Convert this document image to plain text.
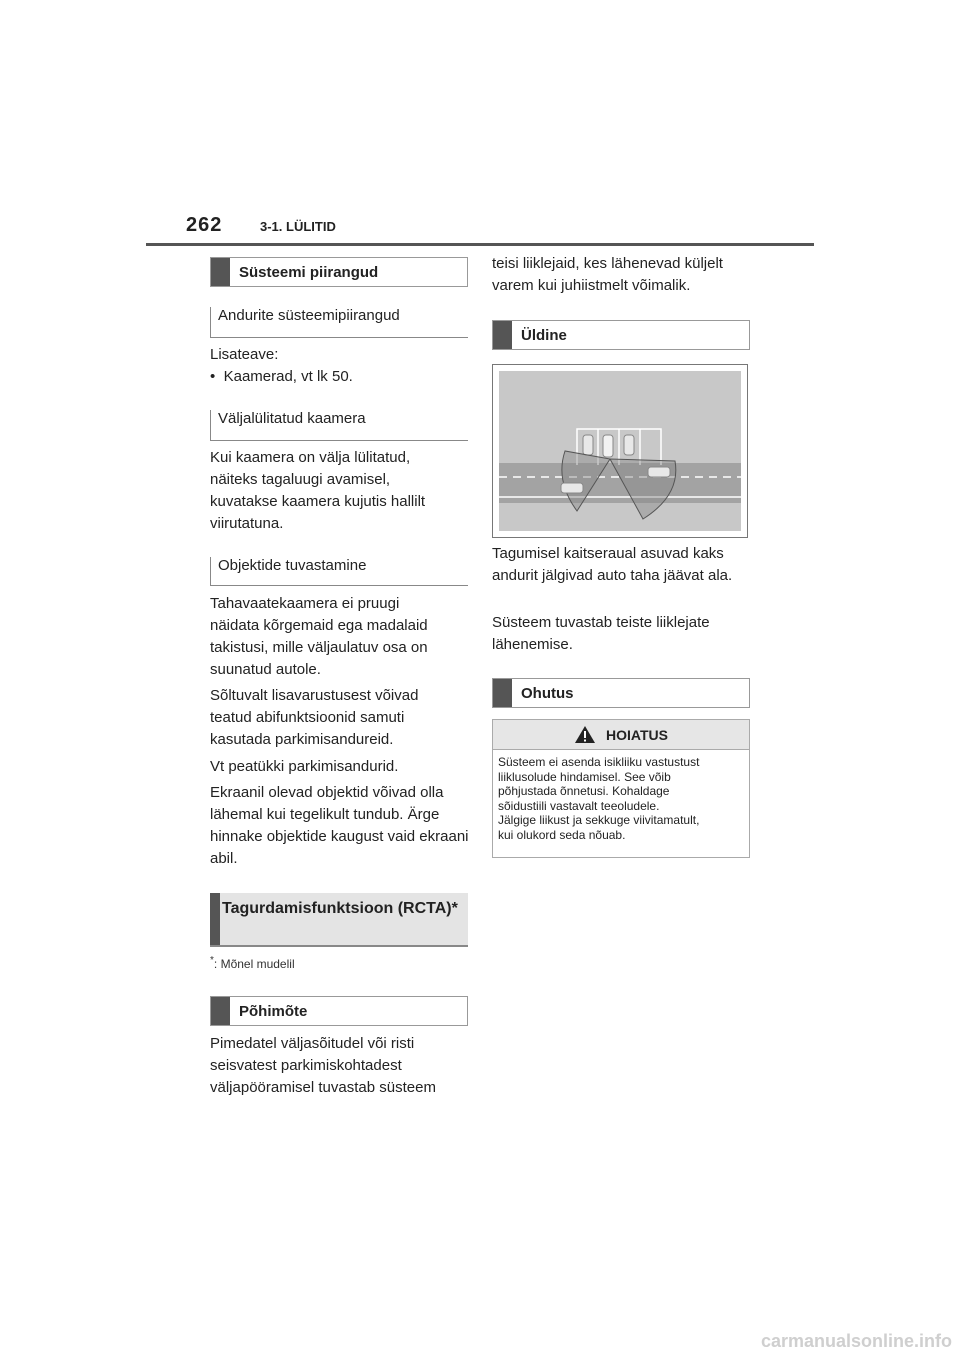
262	3-1. LÜLITID
Süsteemi piirangud
Andurite süsteemipiirangud
Lisateave:
•  Kaamerad, vt lk 50.
Väljalülitatud kaamera
Kui kaamera on välja lülitatud, näiteks tagaluugi avamisel, kuvatakse kaamera kujutis hallilt viirutatuna.
Objektide tuvastamine
Tahavaatekaamera ei pruugi näidata kõrgemaid ega madalaid takistusi, mille väljaulatuv osa on suunatud autole.
Sõltuvalt lisavarustusest võivad teatud abifunktsioonid samuti kasutada parkimisandureid.
Vt peatükki parkimisandurid.
Ekraanil olevad objektid võivad olla lähemal kui tegelikult tundub. Ärge hinnake objektide kaugust vaid ekraani abil.
Tagurdamisfunktsioon (RCTA)*
*: Mõnel mudelil
Põhimõte
Pimedatel väljasõitudel või risti seisvatest parkimiskohtadest väljapööramisel tuvastab süsteem
teisi liiklejaid, kes lähenevad küljelt varem kui juhiistmelt võimalik.
Üldine
Tagumisel kaitseraual asuvad kaks andurit jälgivad auto taha jäävat ala.
Süsteem tuvastab teiste liiklejate lähenemise.
Ohutus
HOIATUS
Süsteem ei asenda isikliiku vastustust
liiklusolude hindamisel. See võib
põhjustada õnnetusi. Kohaldage
sõidustiili vastavalt teeoludele.
Jälgige liikust ja sekkuge viivitamatult,
kui olukord seda nõuab.
carmanualsonline.info
